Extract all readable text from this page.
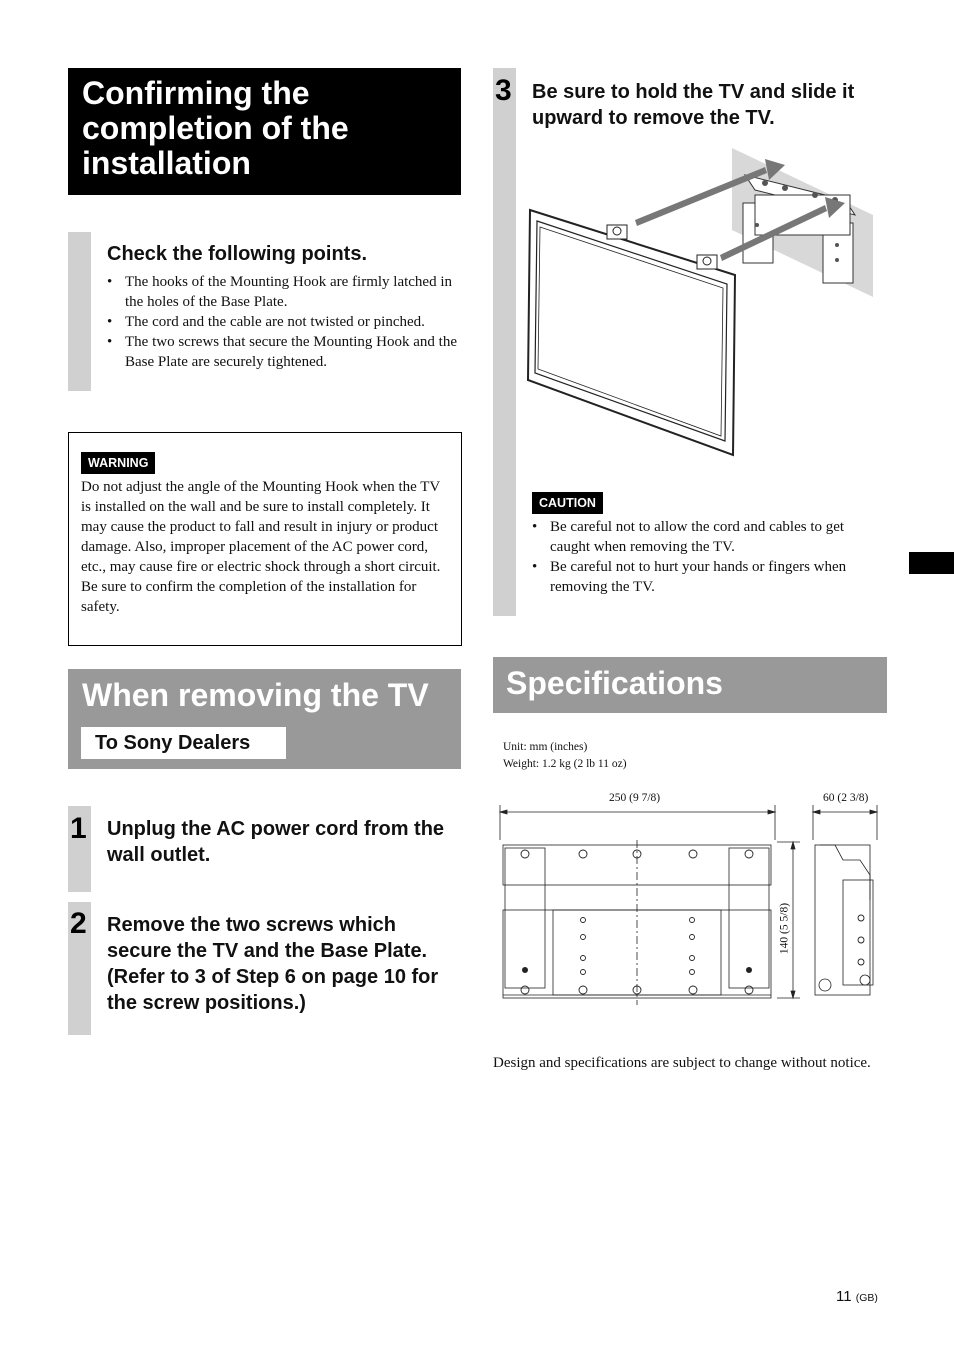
Confirming the completion of the installation
Check the following points.
• The hooks of the Mounting Hook are firmly latched in the holes of the Base Plate.
• The cord and the cable are not twisted or pinched.
• The two screws that secure the Mounting Hook and the Base Plate are securely tightened.
WARNING
Do not adjust the angle of the Mounting Hook when the TV is installed on the wall and be sure to install completely. It may cause the product to fall and result in injury or product damage. Also, improper placement of the AC power cord, etc., may cause fire or electric shock through a short circuit.
Be sure to confirm the completion of the installation for safety.
When removing the TV
To Sony Dealers
1 Unplug the AC power cord from the wall outlet.

2 Remove the two screws which secure the TV and the Base Plate. (Refer to 3 of Step 6 on page 10 for the screw positions.)

3 Be sure to hold the TV and slide it upward to remove the TV.

CAUTION
• Be careful not to allow the cord and cables to get caught when removing the TV.
• Be careful not to hurt your hands or fingers when removing the TV.
Specifications
Unit: mm (inches)
Weight: 1.2 kg (2 lb 11 oz)
250 (9 7/8)	60 (2 3/8)
140 (5 5/8)

Design and specifications are subject to change without notice.

11 (GB)
